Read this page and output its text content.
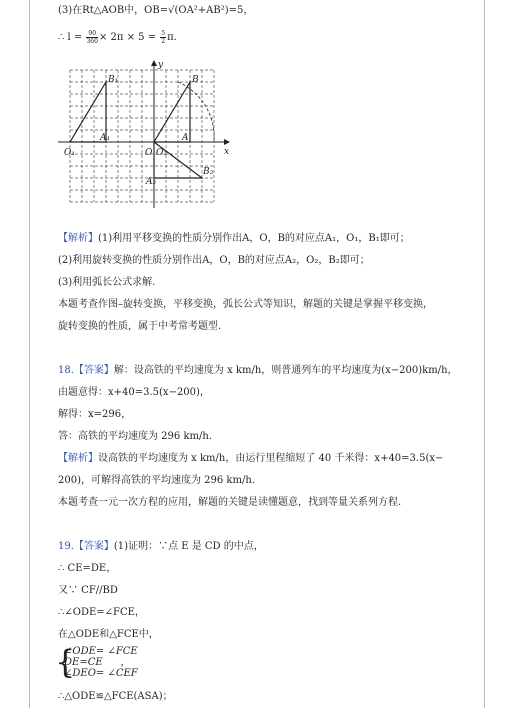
(3)在Rt△AOB中，OB=√(OA²+AB²)=5，
∴ $l = \frac{90}{360} \times 2\pi \times 5 = \frac{5}{2} \pi$.
y
x
B₁	B
A₁	A
O₁	O O₂
A₂
B₂
【解析】(1)利用平移变换的性质分别作出A，O，B的对应点A₁，O₁，B₁即可；
(2)利用旋转变换的性质分别作出A，O，B的对应点A₂，O₂，B₂即可；
(3)利用弧长公式求解.
本题考查作图–旋转变换，平移变换，弧长公式等知识，解题的关键是掌握平移变换，
旋转变换的性质，属于中考常考题型.
18.【答案】解：设高铁的平均速度为 x km/h，则普通列车的平均速度为(x−200)km/h，
由题意得：x+40=3.5(x−200)，
解得：x=296，
答：高铁的平均速度为 296 km/h.
【解析】设高铁的平均速度为 x km/h，由运行里程缩短了 40 千米得：x+40=3.5(x−
200)，可解得高铁的平均速度为 296 km/h.
本题考查一元一次方程的应用，解题的关键是读懂题意，找到等量关系列方程.
19.【答案】(1)证明：∵点 E 是 CD 的中点，
∴ CE=DE，
又∵ CF//BD
∴∠ODE=∠FCE，
在△ODE和△FCE中，
{
∠ODE= ∠FCE
DE=CE ，
∠DEO= ∠CEF
∴△ODE≌△FCE(ASA)；
